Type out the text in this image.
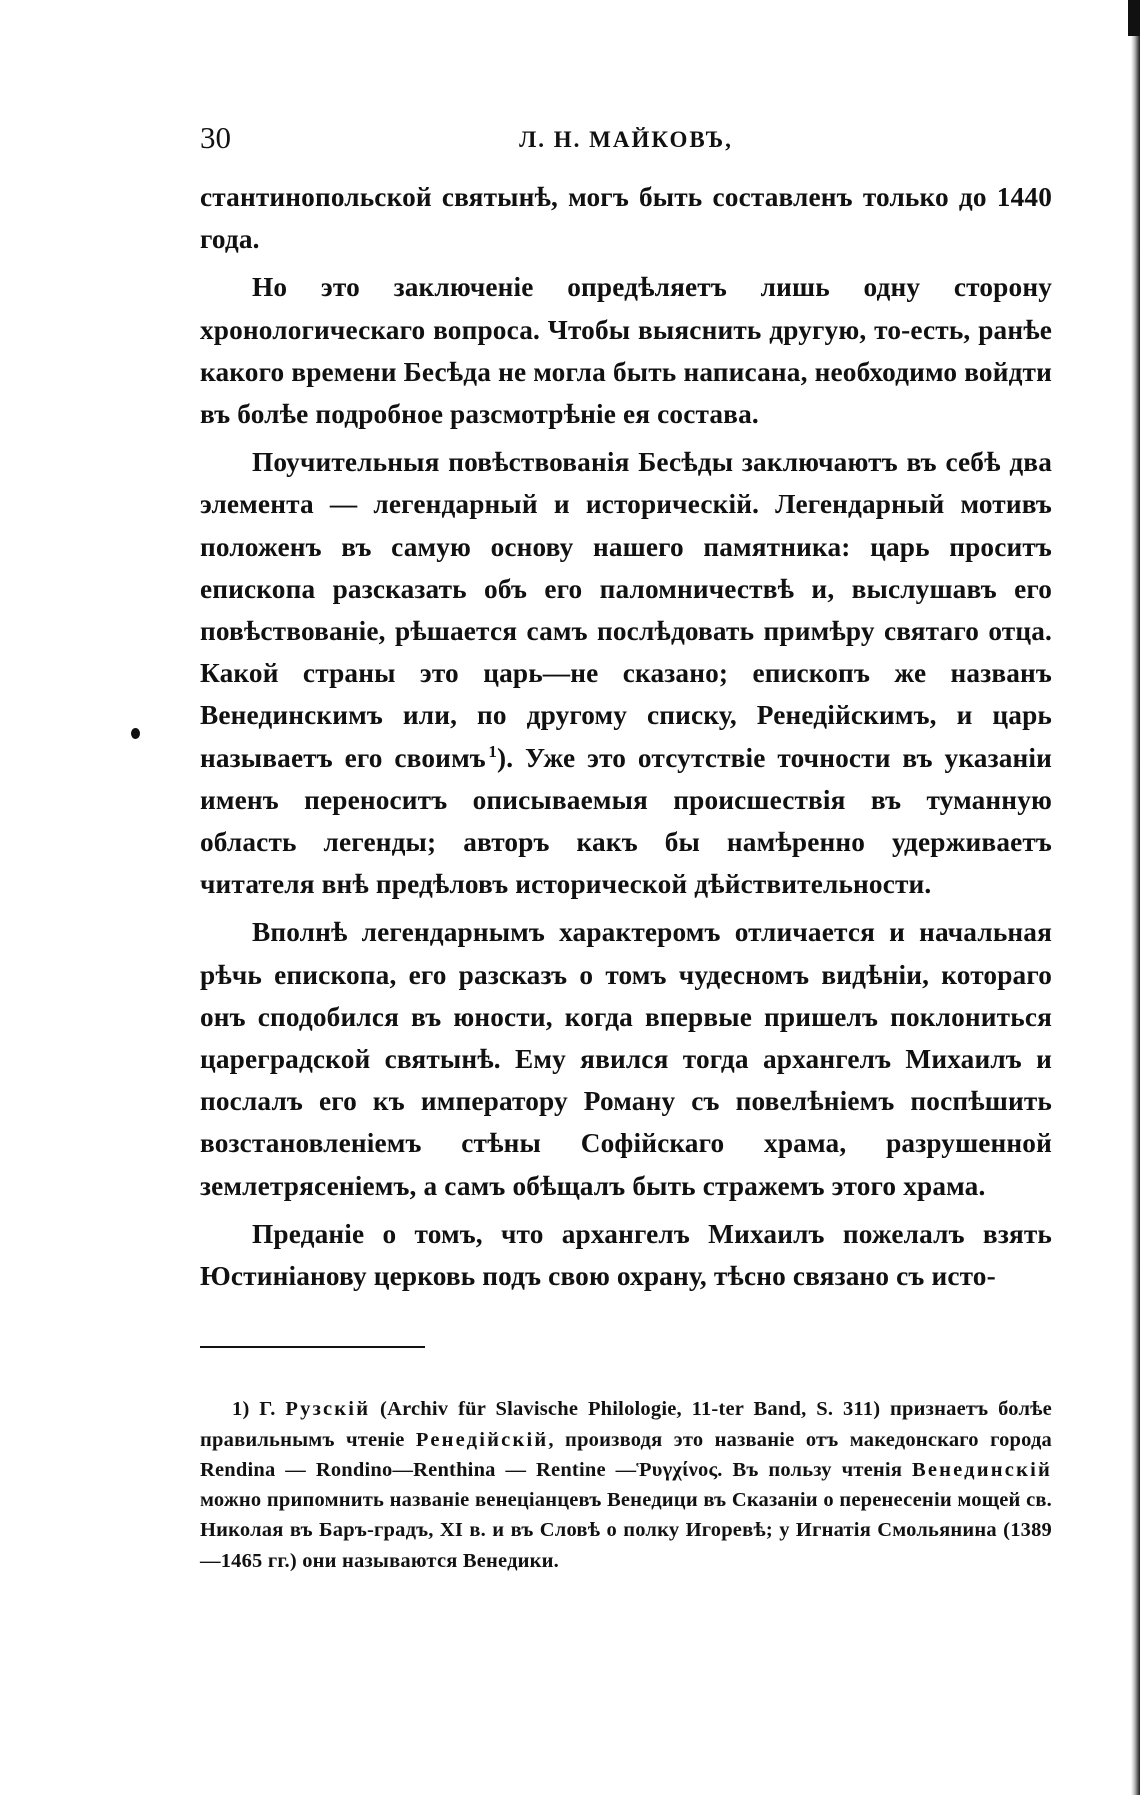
30	Л. Н. МАЙКОВЪ,

стантинопольской святынѣ, могъ быть составленъ только до 1440 года.

Но это заключеніе опредѣляетъ лишь одну сторону хронологическаго вопроса. Чтобы выяснить другую, то-есть, ранѣе какого времени Бесѣда не могла быть написана, необходимо войдти въ болѣе подробное разсмотрѣніе ея состава.

Поучительныя повѣствованія Бесѣды заключаютъ въ себѣ два элемента — легендарный и историческій. Легендарный мотивъ положенъ въ самую основу нашего памятника: царь проситъ епископа разсказать объ его паломничествѣ и, выслушавъ его повѣствованіе, рѣшается самъ послѣдовать примѣру святаго отца. Какой страны это царь—не сказано; епископъ же названъ Венединскимъ или, по другому списку, Ренедійскимъ, и царь называетъ его своимъ  $^1$). Уже это отсутствіе точности въ указаніи именъ переноситъ описываемыя происшествія въ туманную область легенды; авторъ какъ бы намѣренно удерживаетъ читателя внѣ предѣловъ исторической дѣйствительности.

Вполнѣ легендарнымъ характеромъ отличается и начальная рѣчь епископа, его разсказъ о томъ чудесномъ видѣніи, котораго онъ сподобился въ юности, когда впервые пришелъ поклониться цареградской святынѣ. Ему явился тогда архангелъ Михаилъ и послалъ его къ императору Роману съ повелѣніемъ поспѣшить возстановленіемъ стѣны Софійскаго храма, разрушенной землетрясеніемъ, а самъ обѣщалъ быть стражемъ этого храма.

Преданіе о томъ, что архангелъ Михаилъ пожелалъ взять Юстиніанову церковь подъ свою охрану, тѣсно связано съ исто-

1) Г. Рузскій (Archiv für Slavische Philologie, 11-ter Band, S. 311) признаетъ болѣе правильнымъ чтеніе Ренедійскій, производя это названіе отъ македонскаго города Rendina — Rondino—Renthina — Rentine —Ῥυγχίνος. Въ пользу чтенія Венединскій можно припомнить названіе венеціанцевъ Венедици въ Сказаніи о перенесеніи мощей св. Николая въ Баръ-градъ, XI в. и въ Словѣ о полку Игоревѣ; у Игнатія Смольянина (1389—1465 гг.) они называются Венедики.
